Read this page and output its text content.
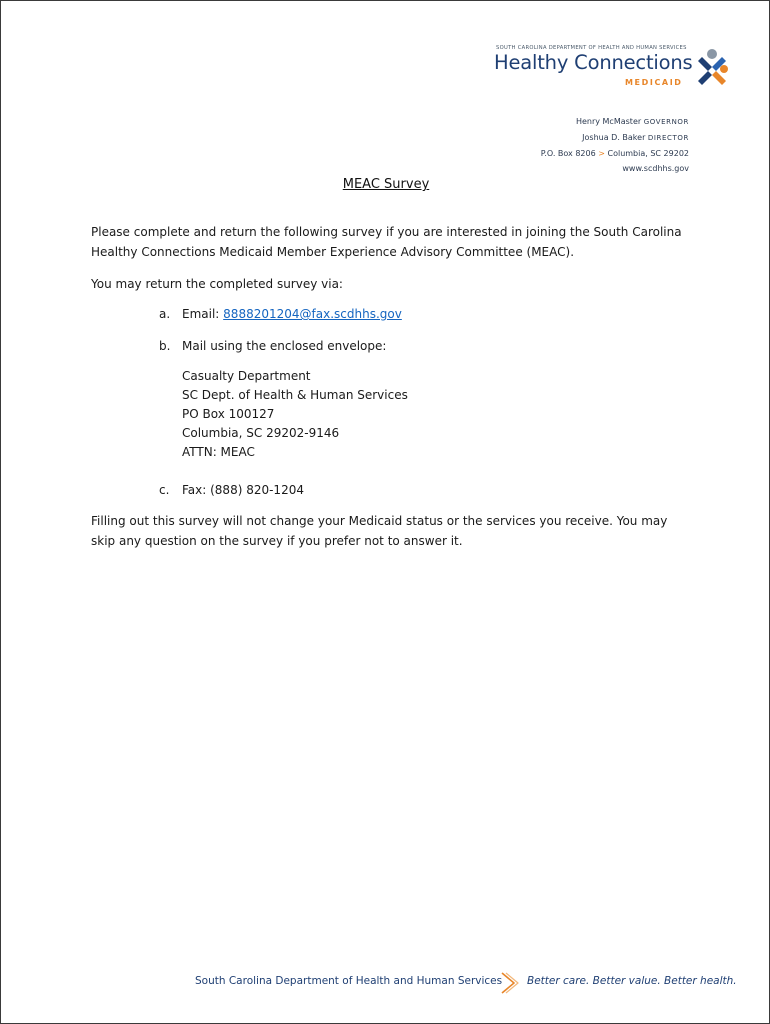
SOUTH CAROLINA DEPARTMENT OF HEALTH AND HUMAN SERVICES
Healthy Connections
MEDICAID
Henry McMaster GOVERNOR
Joshua D. Baker DIRECTOR
P.O. Box 8206 > Columbia, SC 29202
www.scdhhs.gov
MEAC Survey
Please complete and return the following survey if you are interested in joining the South Carolina Healthy Connections Medicaid Member Experience Advisory Committee (MEAC).
You may return the completed survey via:
a. Email: 8888201204@fax.scdhhs.gov
b. Mail using the enclosed envelope:
Casualty Department
SC Dept. of Health & Human Services
PO Box 100127
Columbia, SC 29202-9146
ATTN: MEAC
c. Fax: (888) 820-1204
Filling out this survey will not change your Medicaid status or the services you receive. You may skip any question on the survey if you prefer not to answer it.
South Carolina Department of Health and Human Services Better care. Better value. Better health.
